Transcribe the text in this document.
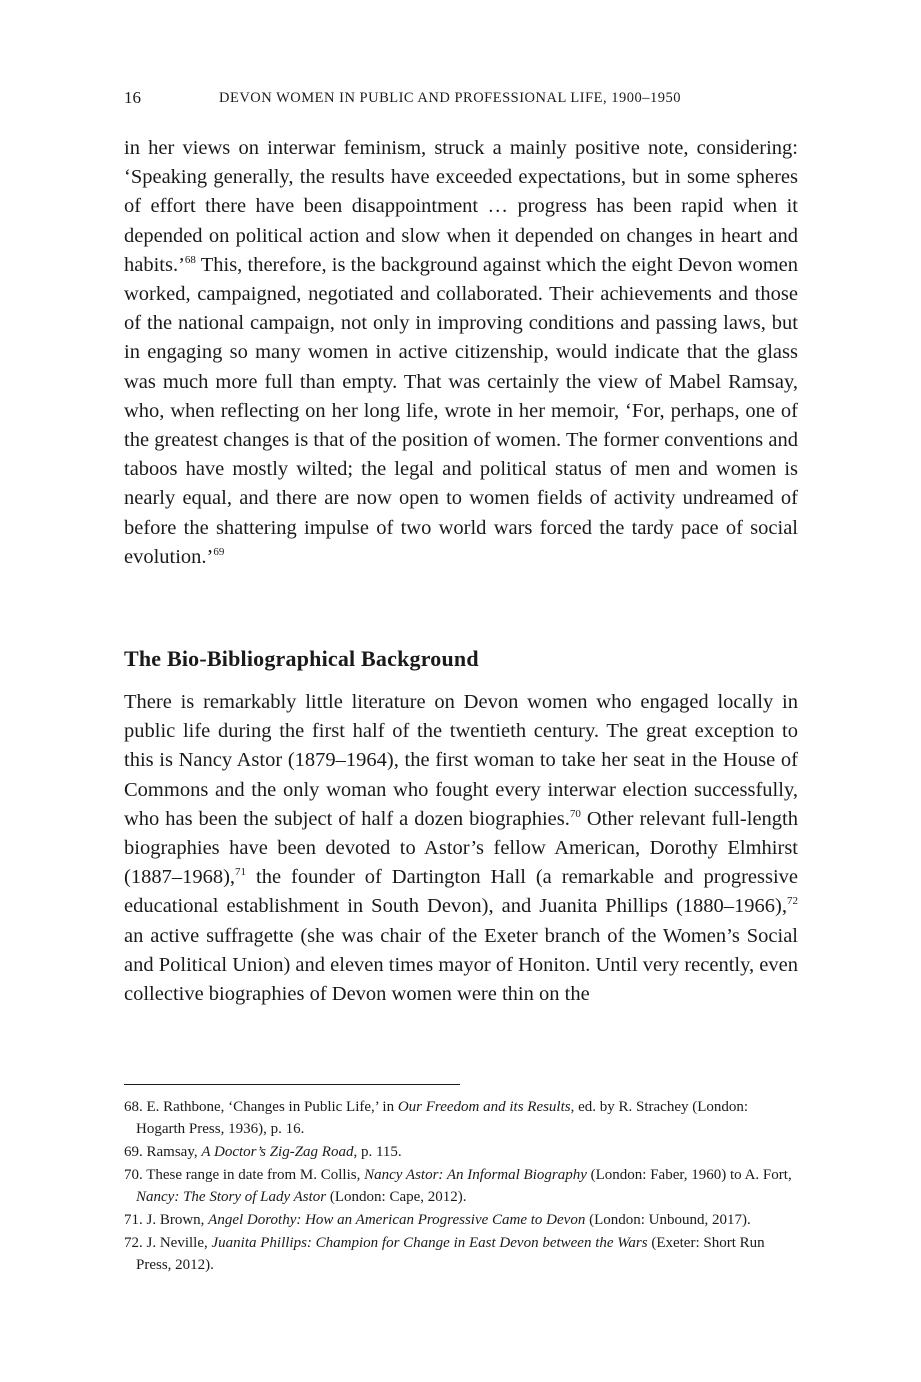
16	DEVON WOMEN IN PUBLIC AND PROFESSIONAL LIFE, 1900–1950

in her views on interwar feminism, struck a mainly positive note, considering: ‘Speaking generally, the results have exceeded expectations, but in some spheres of effort there have been disappointment … progress has been rapid when it depended on political action and slow when it depended on changes in heart and habits.’$^{68}$ This, therefore, is the background against which the eight Devon women worked, campaigned, negotiated and collaborated. Their achievements and those of the national campaign, not only in improving conditions and passing laws, but in engaging so many women in active citizenship, would indicate that the glass was much more full than empty. That was certainly the view of Mabel Ramsay, who, when reflecting on her long life, wrote in her memoir, ‘For, perhaps, one of the greatest changes is that of the position of women. The former conventions and taboos have mostly wilted; the legal and political status of men and women is nearly equal, and there are now open to women fields of activity undreamed of before the shattering impulse of two world wars forced the tardy pace of social evolution.’$^{69}$

The Bio-Bibliographical Background

There is remarkably little literature on Devon women who engaged locally in public life during the first half of the twentieth century. The great exception to this is Nancy Astor (1879–1964), the first woman to take her seat in the House of Commons and the only woman who fought every interwar election successfully, who has been the subject of half a dozen biographies.$^{70}$ Other relevant full-length biographies have been devoted to Astor’s fellow American, Dorothy Elmhirst (1887–1968),$^{71}$ the founder of Dartington Hall (a remarkable and progressive educational establishment in South Devon), and Juanita Phillips (1880–1966),$^{72}$ an active suffragette (she was chair of the Exeter branch of the Women’s Social and Political Union) and eleven times mayor of Honiton. Until very recently, even collective biographies of Devon women were thin on the

68. E. Rathbone, ‘Changes in Public Life,’ in Our Freedom and its Results, ed. by R. Strachey (London: Hogarth Press, 1936), p. 16.
69. Ramsay, A Doctor’s Zig-Zag Road, p. 115.
70. These range in date from M. Collis, Nancy Astor: An Informal Biography (London: Faber, 1960) to A. Fort, Nancy: The Story of Lady Astor (London: Cape, 2012).
71. J. Brown, Angel Dorothy: How an American Progressive Came to Devon (London: Unbound, 2017).
72. J. Neville, Juanita Phillips: Champion for Change in East Devon between the Wars (Exeter: Short Run Press, 2012).
